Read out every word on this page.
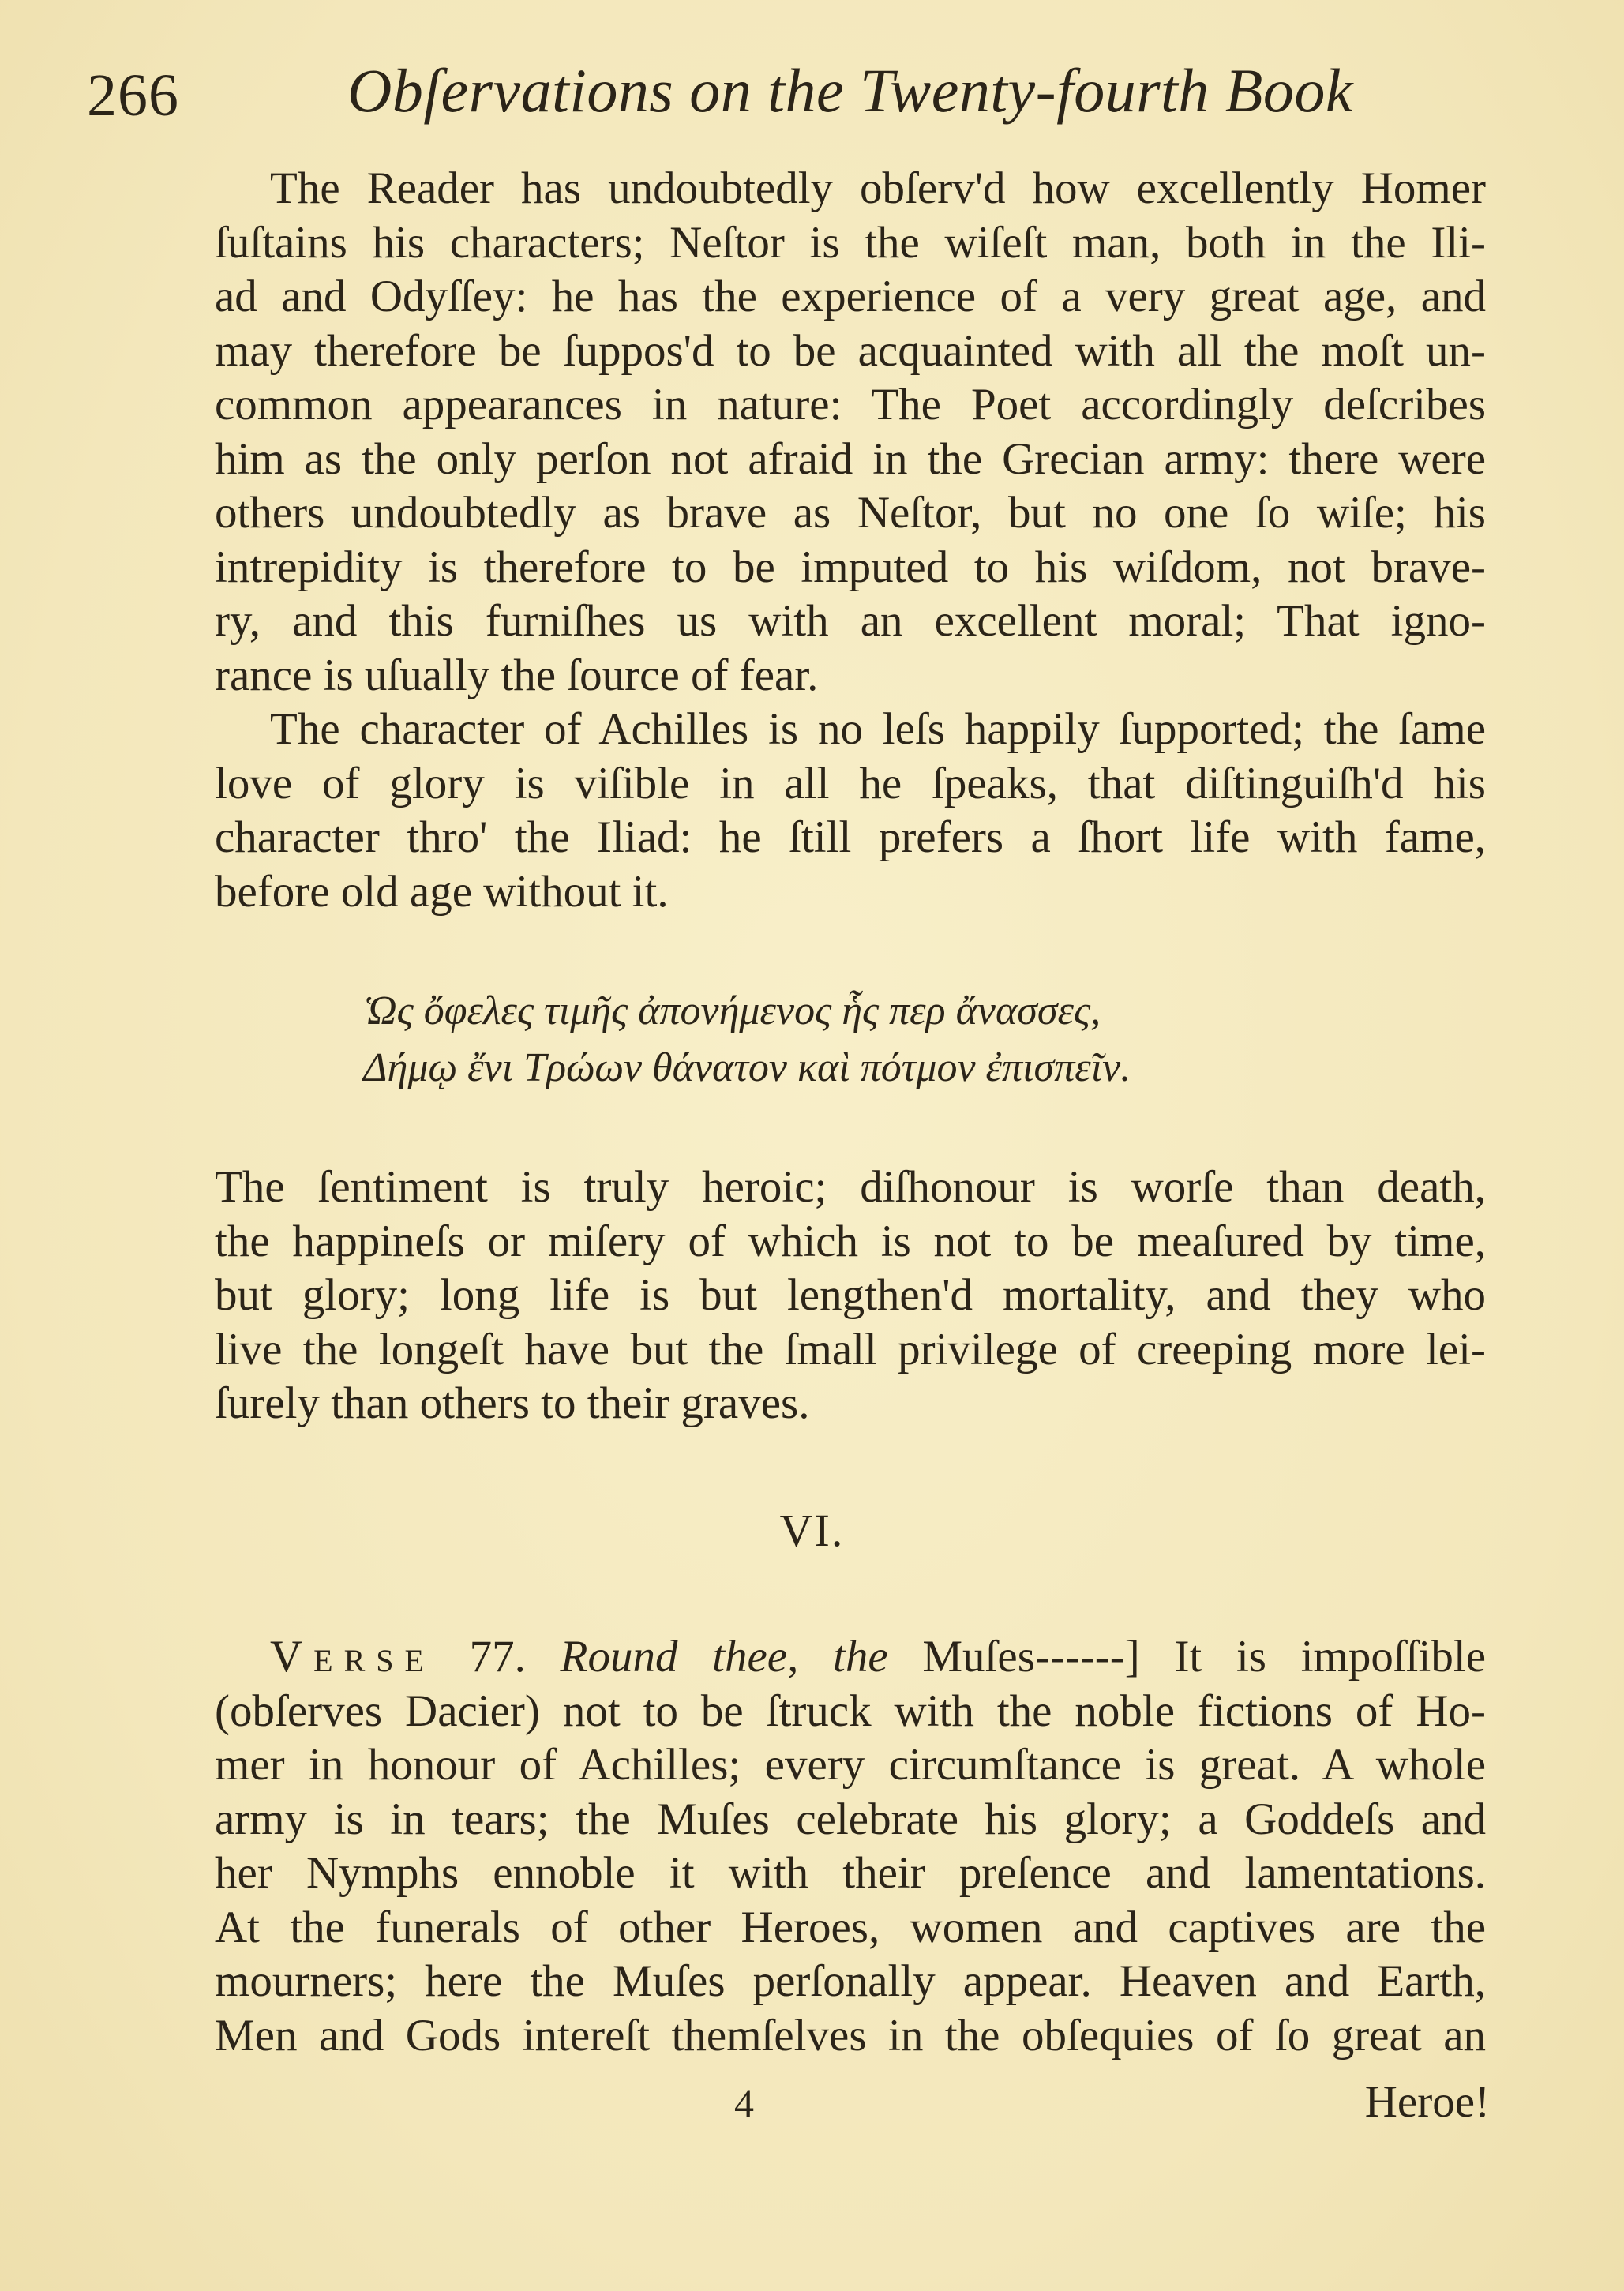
266	Obſervations on the Twenty-fourth Book
The Reader has undoubtedly obſerv'd how excellently Homer
ſuſtains his characters; Neſtor is the wiſeſt man, both in the Ili-
ad and Odyſſey: he has the experience of a very great age, and
may therefore be ſuppos'd to be acquainted with all the moſt un-
common appearances in nature: The Poet accordingly deſcribes
him as the only perſon not afraid in the Grecian army: there were
others undoubtedly as brave as Neſtor, but no one ſo wiſe; his
intrepidity is therefore to be imputed to his wiſdom, not brave-
ry, and this furniſhes us with an excellent moral; That igno-
rance is uſually the ſource of fear.
The character of Achilles is no leſs happily ſupported; the ſame
love of glory is viſible in all he ſpeaks, that diſtinguiſh'd his
character thro' the Iliad: he ſtill prefers a ſhort life with fame,
before old age without it.
Ὡς ὄφελες τιμῆς ἀπονήμενος ἧς περ ἄνασσες,
Δήμῳ ἔνι Τρώων θάνατον καὶ πότμον ἐπισπεῖν.
The ſentiment is truly heroic; diſhonour is worſe than death,
the happineſs or miſery of which is not to be meaſured by time,
but glory; long life is but lengthen'd mortality, and they who
live the longeſt have but the ſmall privilege of creeping more lei-
ſurely than others to their graves.
VI.
Verse 77. Round thee, the Muſes------] It is impoſſible
(obſerves Dacier) not to be ſtruck with the noble fictions of Ho-
mer in honour of Achilles; every circumſtance is great. A whole
army is in tears; the Muſes celebrate his glory; a Goddeſs and
her Nymphs ennoble it with their preſence and lamentations.
At the funerals of other Heroes, women and captives are the
mourners; here the Muſes perſonally appear. Heaven and Earth,
Men and Gods intereſt themſelves in the obſequies of ſo great an
4	Heroe!
